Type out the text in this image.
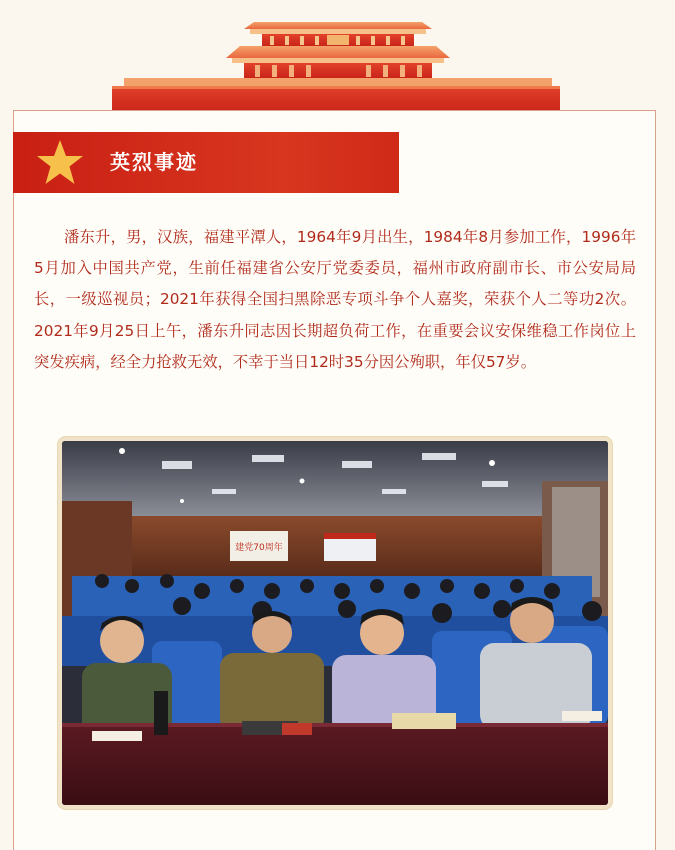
英烈事迹

潘东升，男，汉族，福建平潭人，1964年9月出生，1984年8月参加工作，1996年5月加入中国共产党，生前任福建省公安厅党委委员，福州市政府副市长、市公安局局长，一级巡视员；2021年获得全国扫黑除恶专项斗争个人嘉奖，荣获个人二等功2次。2021年9月25日上午，潘东升同志因长期超负荷工作，在重要会议安保维稳工作岗位上突发疾病，经全力抢救无效，不幸于当日12时35分因公殉职，年仅57岁。

建党70周年
